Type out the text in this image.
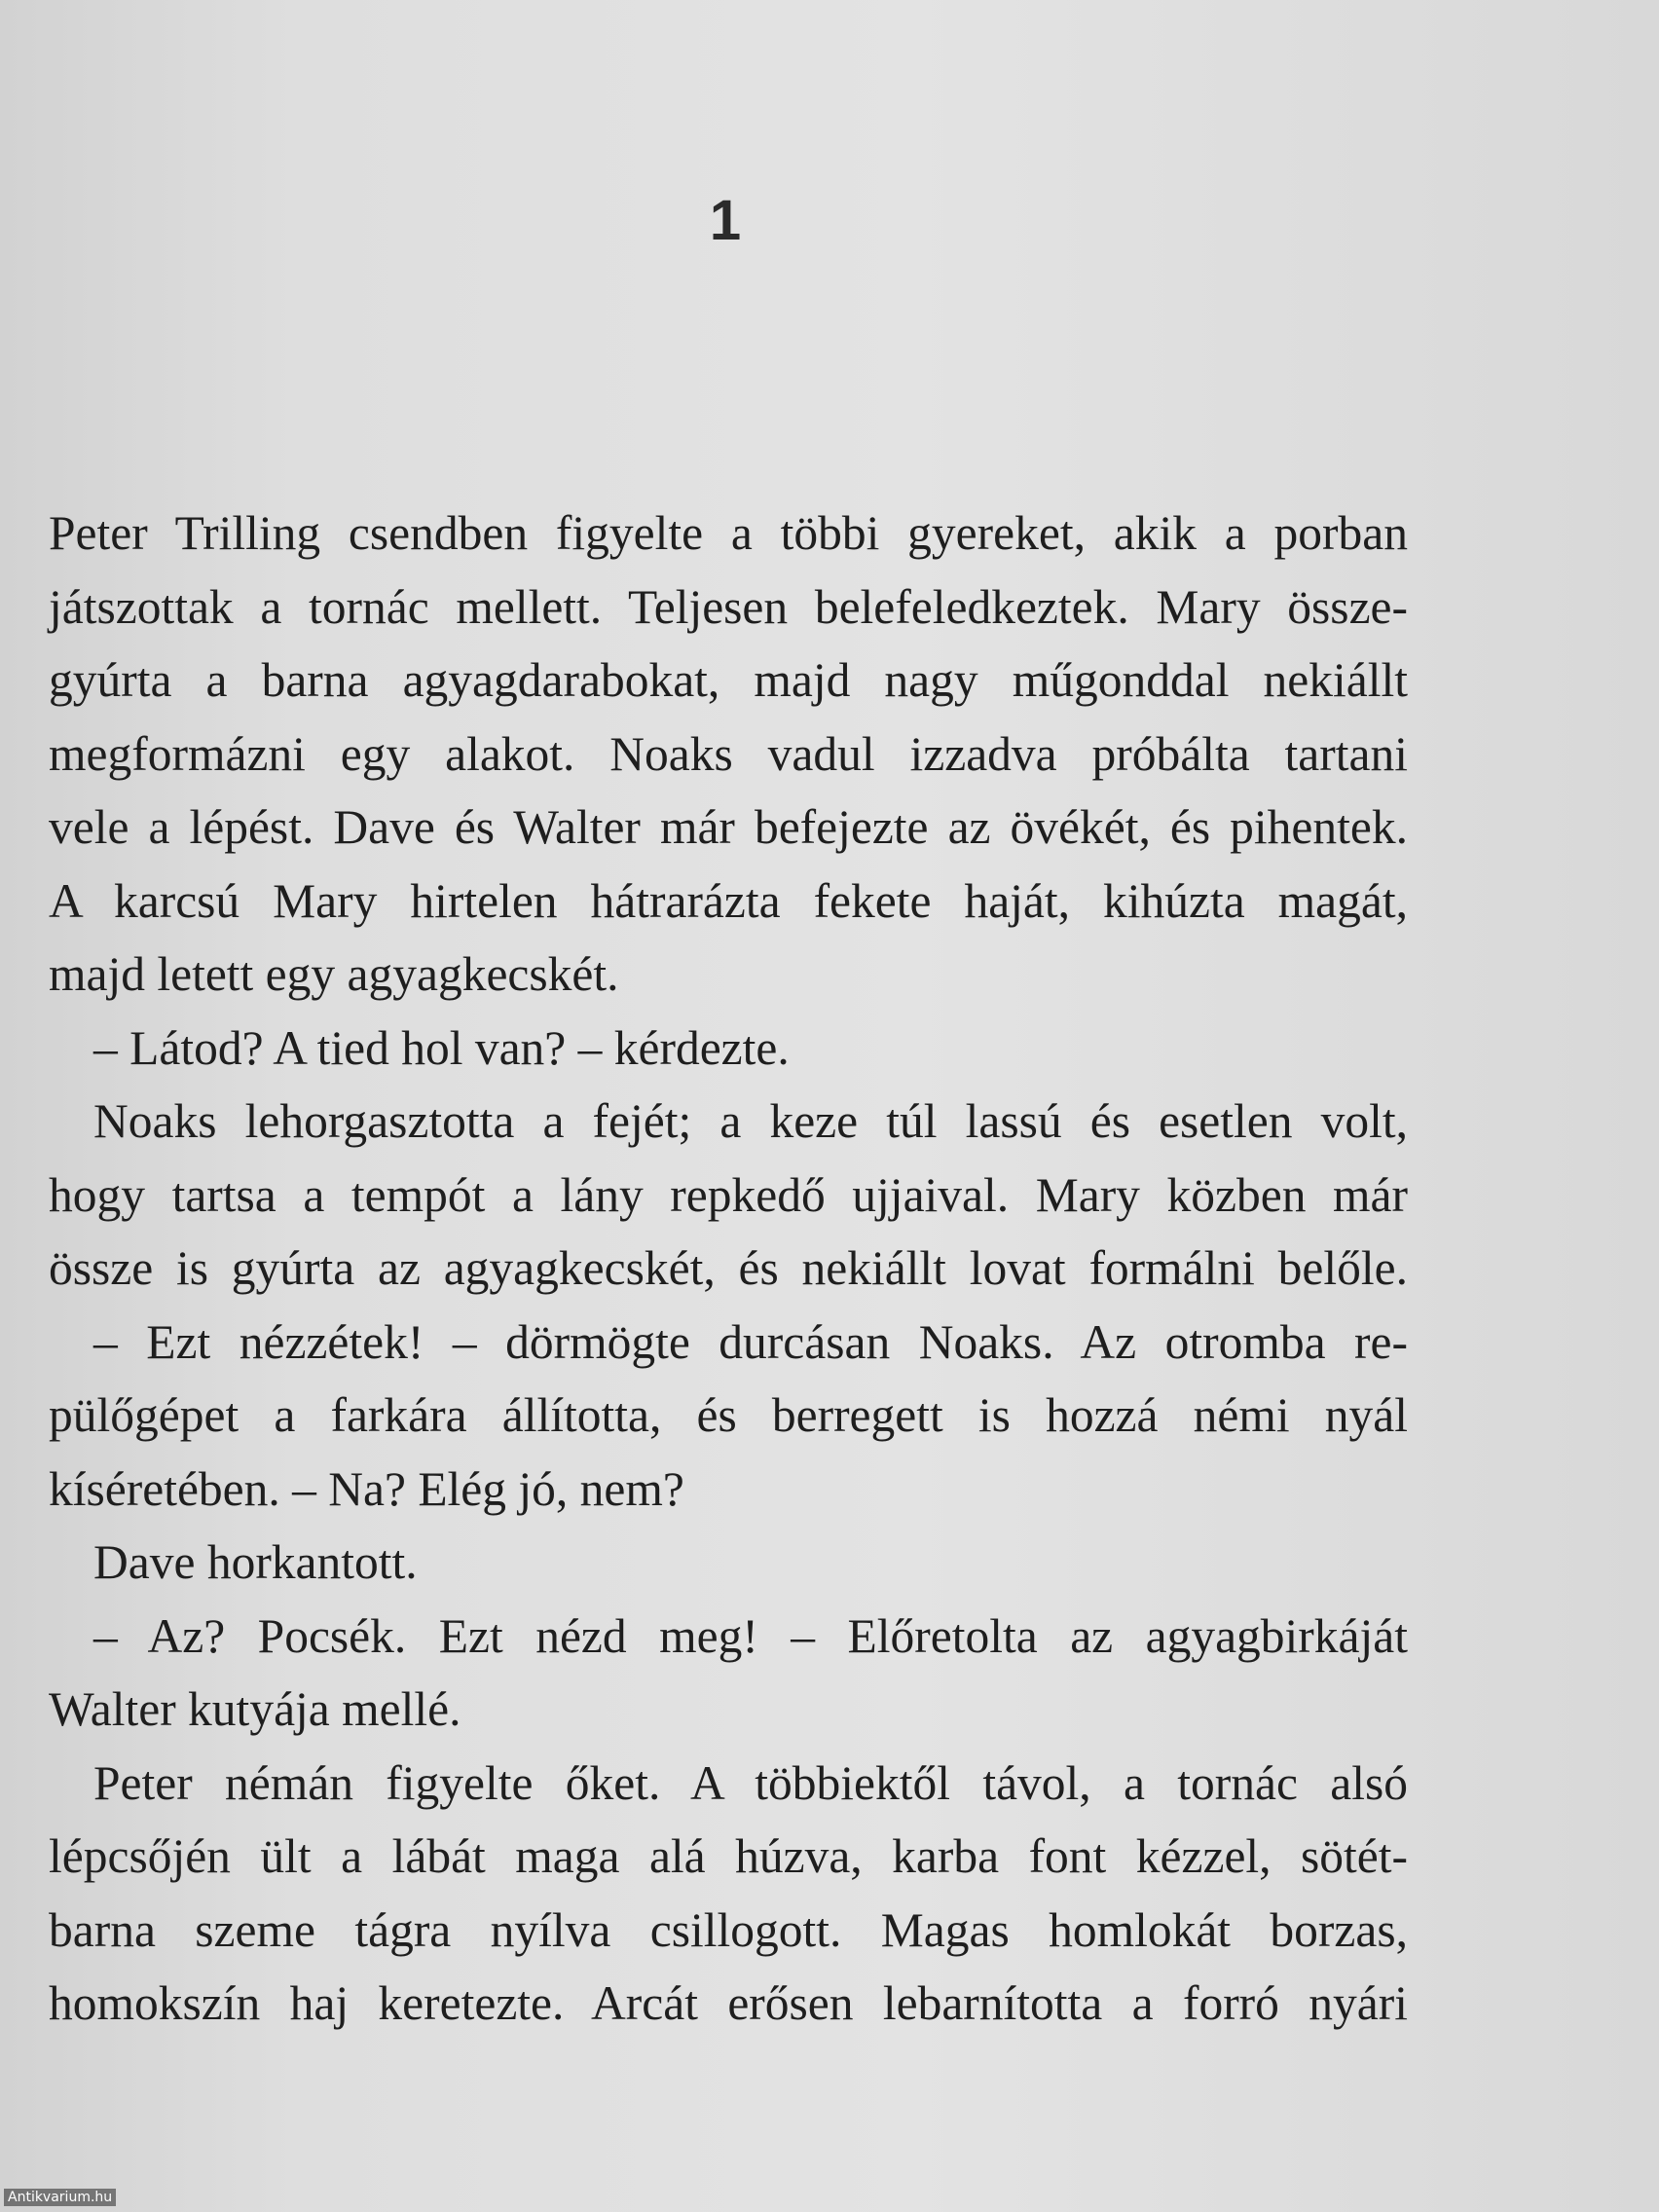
1
Peter Trilling csendben figyelte a többi gyereket, akik a porban
játszottak a tornác mellett. Teljesen belefeledkeztek. Mary össze-
gyúrta a barna agyagdarabokat, majd nagy műgonddal nekiállt
megformázni egy alakot. Noaks vadul izzadva próbálta tartani
vele a lépést. Dave és Walter már befejezte az övékét, és pihentek.
A karcsú Mary hirtelen hátrarázta fekete haját, kihúzta magát,
majd letett egy agyagkecskét.
– Látod? A tied hol van? – kérdezte.
Noaks lehorgasztotta a fejét; a keze túl lassú és esetlen volt,
hogy tartsa a tempót a lány repkedő ujjaival. Mary közben már
össze is gyúrta az agyagkecskét, és nekiállt lovat formálni belőle.
– Ezt nézzétek! – dörmögte durcásan Noaks. Az otromba re-
pülőgépet a farkára állította, és berregett is hozzá némi nyál
kíséretében. – Na? Elég jó, nem?
Dave horkantott.
– Az? Pocsék. Ezt nézd meg! – Előretolta az agyagbirkáját
Walter kutyája mellé.
Peter némán figyelte őket. A többiektől távol, a tornác alsó
lépcsőjén ült a lábát maga alá húzva, karba font kézzel, sötét-
barna szeme tágra nyílva csillogott. Magas homlokát borzas,
homokszín haj keretezte. Arcát erősen lebarnította a forró nyári
Antikvarium.hu
